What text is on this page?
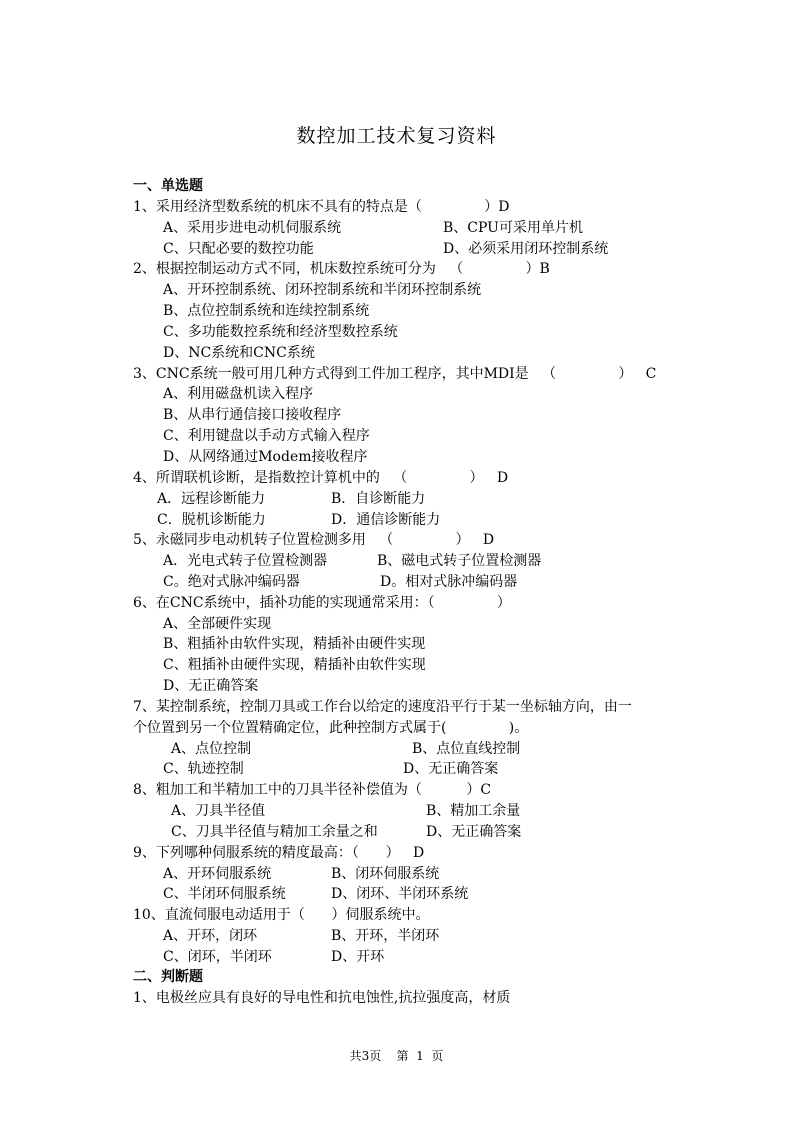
数控加工技术复习资料
一、单选题
1、采用经济型数系统的机床不具有的特点是（              ）D
A、采用步进电动机伺服系统	B、CPU可采用单片机
C、只配必要的数控功能	D、必须采用闭环控制系统
2、根据控制运动方式不同，机床数控系统可分为   （              ）B
A、开环控制系统、闭环控制系统和半闭环控制系统
B、点位控制系统和连续控制系统
C、多功能数控系统和经济型数控系统
D、NC系统和CNC系统
3、CNC系统一般可用几种方式得到工件加工程序，其中MDI是   （              ）   C
A、利用磁盘机读入程序
B、从串行通信接口接收程序
C、利用键盘以手动方式输入程序
D、从网络通过Modem接收程序
4、所谓联机诊断，是指数控计算机中的   （              ）   D
A．远程诊断能力	B．自诊断能力
C．脱机诊断能力	D．通信诊断能力
5、永磁同步电动机转子位置检测多用   （              ）   D
A．光电式转子位置检测器	B、磁电式转子位置检测器
C。绝对式脉冲编码器	D。相对式脉冲编码器
6、在CNC系统中，插补功能的实现通常采用：（              ）
A、全部硬件实现
B、粗插补由软件实现，精插补由硬件实现
C、粗插补由硬件实现，精插补由软件实现
D、无正确答案
7、某控制系统，控制刀具或工作台以给定的速度沿平行于某一坐标轴方向，由一
个位置到另一个位置精确定位，此种控制方式属于(              )。
A、点位控制	B、点位直线控制
C、轨迹控制	D、无正确答案
8、粗加工和半精加工中的刀具半径补偿值为（          ）C
A、刀具半径值	B、精加工余量
C、刀具半径值与精加工余量之和	D、无正确答案
9、下列哪种伺服系统的精度最高：（      ）   D
A、开环伺服系统	B、闭环伺服系统
C、半闭环伺服系统	D、闭环、半闭环系统
10、直流伺服电动适用于（      ）伺服系统中。
A、开环，闭环	B、开环，半闭环
C、闭环，半闭环	D、开环
二、判断题
1、电极丝应具有良好的导电性和抗电蚀性,抗拉强度高，材质
共3页    第  1  页
